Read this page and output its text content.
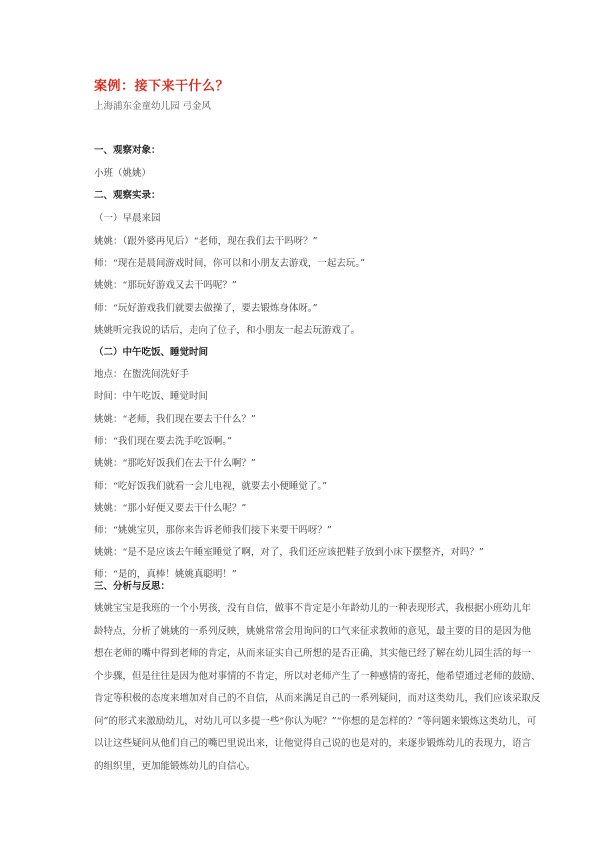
案例：接下来干什么？
上海浦东金童幼儿园 弓金风
一、观察对象：
小班（姚姚）
二、观察实录：
（一）早晨来园
姚姚：（跟外婆再见后）“老师，现在我们去干吗呀？”
师：“现在是晨间游戏时间，你可以和小朋友去游戏，一起去玩。”
姚姚：“那玩好游戏又去干吗呢？”
师：“玩好游戏我们就要去做操了，要去锻炼身体呀。”
姚姚听完我说的话后，走向了位子，和小朋友一起去玩游戏了。
（二）中午吃饭、睡觉时间
地点：在盥洗间洗好手
时间：中午吃饭、睡觉时间
姚姚：“老师，我们现在要去干什么？”
师：“我们现在要去洗手吃饭啊。”
姚姚：“那吃好饭我们在去干什么啊？”
师：“吃好饭我们就看一会儿电视，就要去小便睡觉了。”
姚姚：“那小好便又要去干什么呢？”
师：“姚姚宝贝，那你来告诉老师我们接下来要干吗呀？”
姚姚：“是不是应该去午睡室睡觉了啊，对了，我们还应该把鞋子放到小床下摆整齐，对吗？”
师：“是的，真棒！姚姚真聪明！”
三、分析与反思：
姚姚宝宝是我班的一个小男孩，没有自信，做事不肯定是小年龄幼儿的一种表现形式，我根据小班幼儿年
龄特点，分析了姚姚的一系列反映，姚姚常常会用询问的口气来征求教师的意见，最主要的目的是因为他
想在老师的嘴中得到老师的肯定，从而来证实自己所想的是否正确，其实他已经了解在幼儿园生活的每一
个步骤，但是往往是因为他对事情的不肯定，所以对老师产生了一种感情的寄托，他希望通过老师的鼓励、
肯定等积极的态度来增加对自己的不自信，从而来满足自己的一系列疑问，而对这类幼儿，我们应该采取反
问”的形式来激励幼儿，对幼儿可以多提一些“你认为呢？”“你想的是怎样的？”等问题来锻炼这类幼儿，可
以让这些疑问从他们自己的嘴巴里说出来，让他觉得自己说的也是对的，来逐步锻炼幼儿的表现力，语言
的组织里，更加能锻炼幼儿的自信心。
